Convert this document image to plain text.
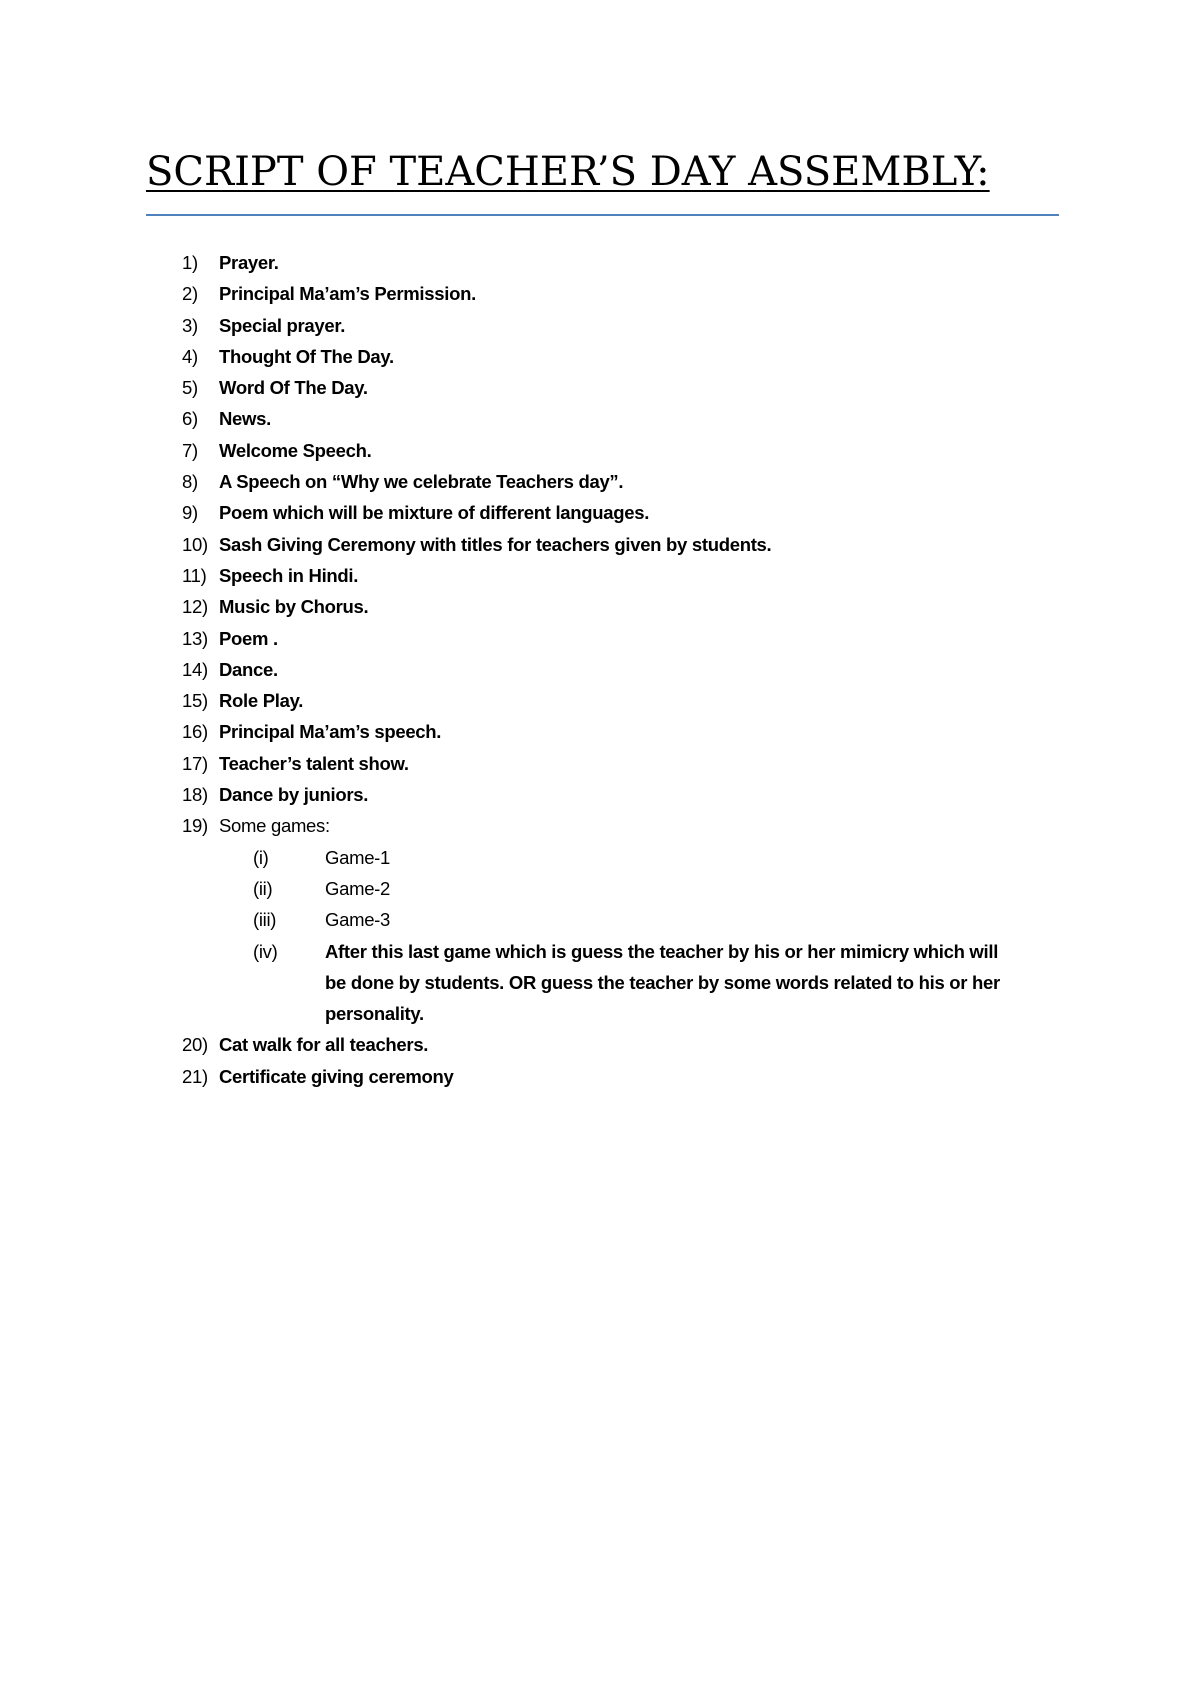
SCRIPT OF TEACHER’S DAY ASSEMBLY:
1) Prayer.
2) Principal Ma’am’s Permission.
3) Special prayer.
4) Thought Of The Day.
5) Word Of The Day.
6) News.
7) Welcome Speech.
8) A Speech on “Why we celebrate Teachers day”.
9) Poem which will be mixture of different languages.
10) Sash Giving Ceremony with titles for teachers given by students.
11) Speech in Hindi.
12) Music by Chorus.
13) Poem .
14) Dance.
15) Role Play.
16) Principal Ma’am’s speech.
17) Teacher’s talent show.
18) Dance by juniors.
19) Some games:
(i)	Game-1
(ii)	Game-2
(iii)	Game-3
(iv)	After this last game which is guess the teacher by his or her mimicry which will be done by students. OR guess the teacher by some words related to his or her personality.
20) Cat walk for all teachers.
21) Certificate giving ceremony
